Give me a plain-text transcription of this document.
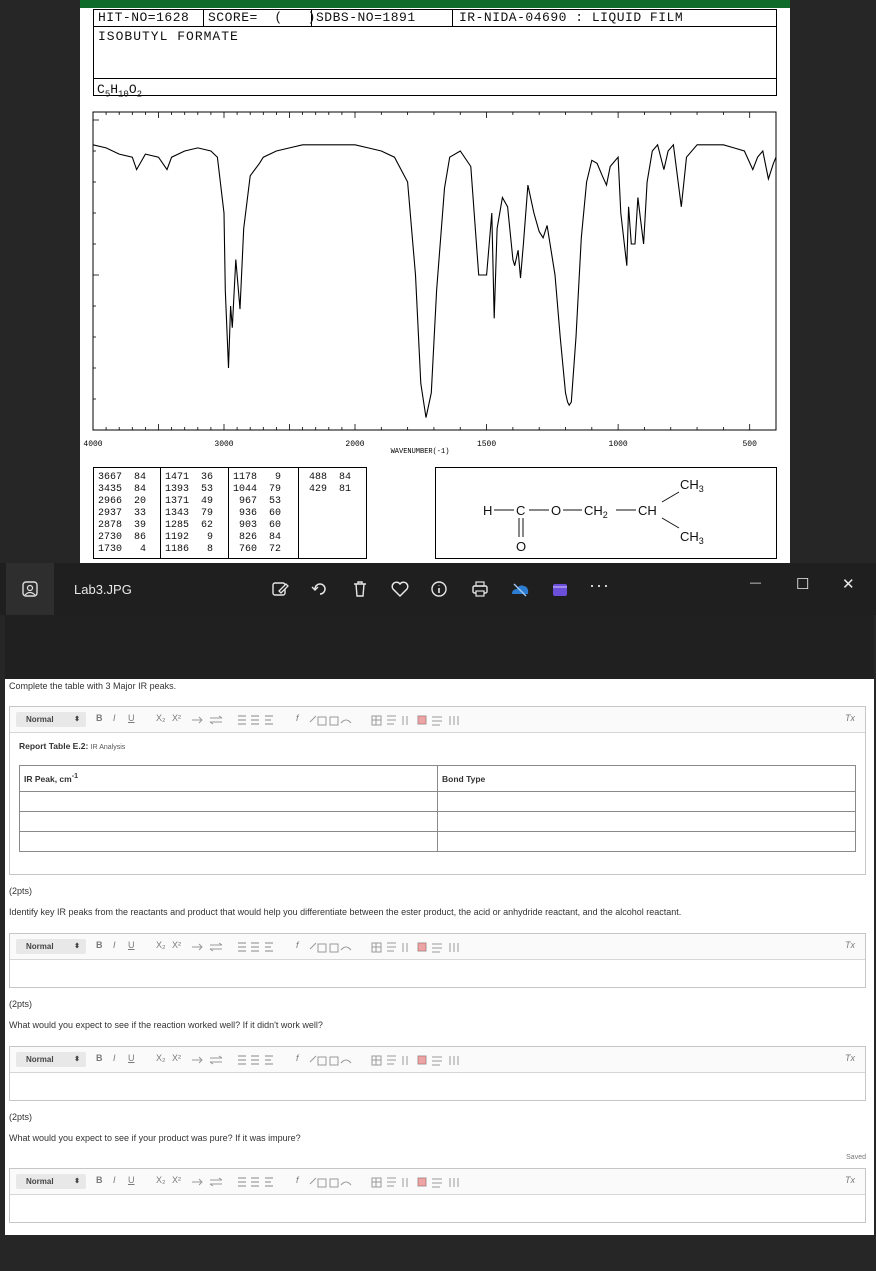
HIT-NO=1628	SCORE=  (   ) SDBS-NO=1891	IR-NIDA-04690 : LIQUID FILM
ISOBUTYL FORMATE
$C_5H_{10}O_2$
4000	3000	2000	1500	1000	500
WAVENUMBER(-1)
3667  84
3435  84
2966  20
2937  33
2878  39
2730  86
1730   4
1471  36
1393  53
1371  49
1343  79
1285  62
1192   9
1186   8
1178   9
1044  79
967  53
936  60
903  60
826  84
760  72
488  84
429  81
H C O $CH_2$ CH
$CH_3$
$CH_3$
O
Lab3.JPG	···	— ☐ ✕
Complete the table with 3 Major IR peaks.
Normal	⬍ B I U X₂ X²	f	Tx
Report Table E.2: IR Analysis
IR Peak, $cm^{-1}$	Bond Type

(2pts)
Identify key IR peaks from the reactants and product that would help you differentiate between the ester product, the acid or anhydride reactant, and the alcohol reactant.
Normal	⬍ B I U X₂ X²	f	Tx
(2pts)
What would you expect to see if the reaction worked well? If it didn't work well?
Normal	⬍ B I U X₂ X²	f	Tx
(2pts)
What would you expect to see if your product was pure? If it was impure?
Saved
Normal	⬍ B I U X₂ X²	f	Tx
